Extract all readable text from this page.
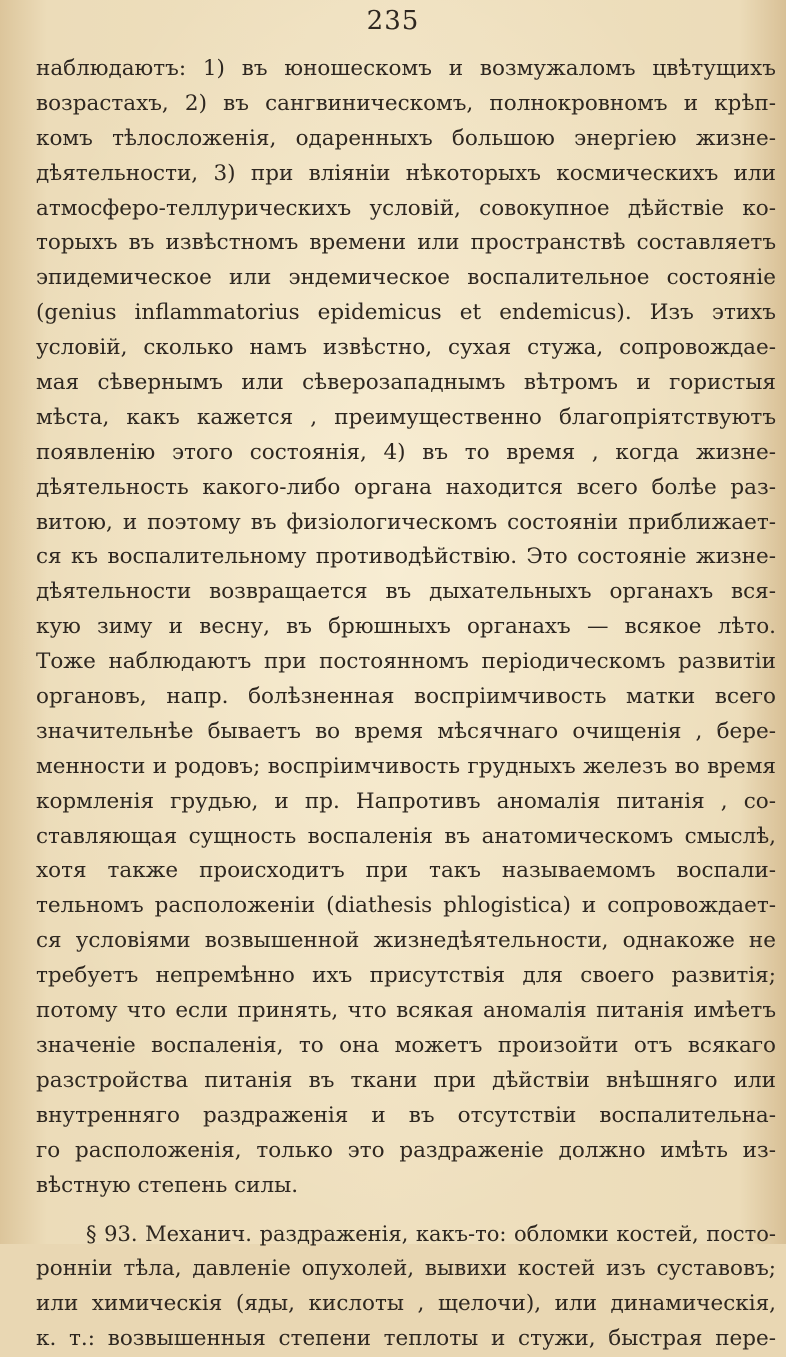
235
наблюдаютъ: 1) въ юношескомъ и возмужаломъ цвѣтущихъ
возрастахъ, 2) въ сангвиническомъ, полнокровномъ и крѣп-
комъ тѣлосложенія, одаренныхъ большою энергіею жизне-
дѣятельности, 3) при вліяніи нѣкоторыхъ космическихъ или
атмосферо-теллурическихъ условій, совокупное дѣйствіе ко-
торыхъ въ извѣстномъ времени или пространствѣ составляетъ
эпидемическое или эндемическое воспалительное состояніе
(genius inflammatorius epidemicus et endemicus). Изъ этихъ
условій, сколько намъ извѣстно, сухая стужа, сопровождае-
мая сѣвернымъ или сѣверозападнымъ вѣтромъ и гористыя
мѣста, какъ кажется , преимущественно благопріятствуютъ
появленію этого состоянія, 4) въ то время , когда жизне-
дѣятельность какого-либо органа находится всего болѣе раз-
витою, и поэтому въ физіологическомъ состояніи приближает-
ся къ воспалительному противодѣйствію. Это состояніе жизне-
дѣятельности возвращается въ дыхательныхъ органахъ вся-
кую зиму и весну, въ брюшныхъ органахъ — всякое лѣто.
Тоже наблюдаютъ при постоянномъ періодическомъ развитіи
органовъ, напр. болѣзненная воспріимчивость матки всего
значительнѣе бываетъ во время мѣсячнаго очищенія , бере-
менности и родовъ; воспріимчивость грудныхъ железъ во время
кормленія грудью, и пр. Напротивъ аномалія питанія , со-
ставляющая сущность воспаленія въ анатомическомъ смыслѣ,
хотя также происходитъ при такъ называемомъ воспали-
тельномъ расположеніи (diathesis phlogistica) и сопровождает-
ся условіями возвышенной жизнедѣятельности, однакоже не
требуетъ непремѣнно ихъ присутствія для своего развитія;
потому что если принять, что всякая аномалія питанія имѣетъ
значеніе воспаленія, то она можетъ произойти отъ всякаго
разстройства питанія въ ткани при дѣйствіи внѣшняго или
внутренняго раздраженія и въ отсутствіи воспалительна-
го расположенія, только это раздраженіе должно имѣть из-
вѣстную степень силы.
§ 93. Механич. раздраженія, какъ-то: обломки костей, посто-
ронніи тѣла, давленіе опухолей, вывихи костей изъ суставовъ;
или химическія (яды, кислоты , щелочи), или динамическія,
к. т.: возвышенныя степени теплоты и стужи, быстрая пере-
